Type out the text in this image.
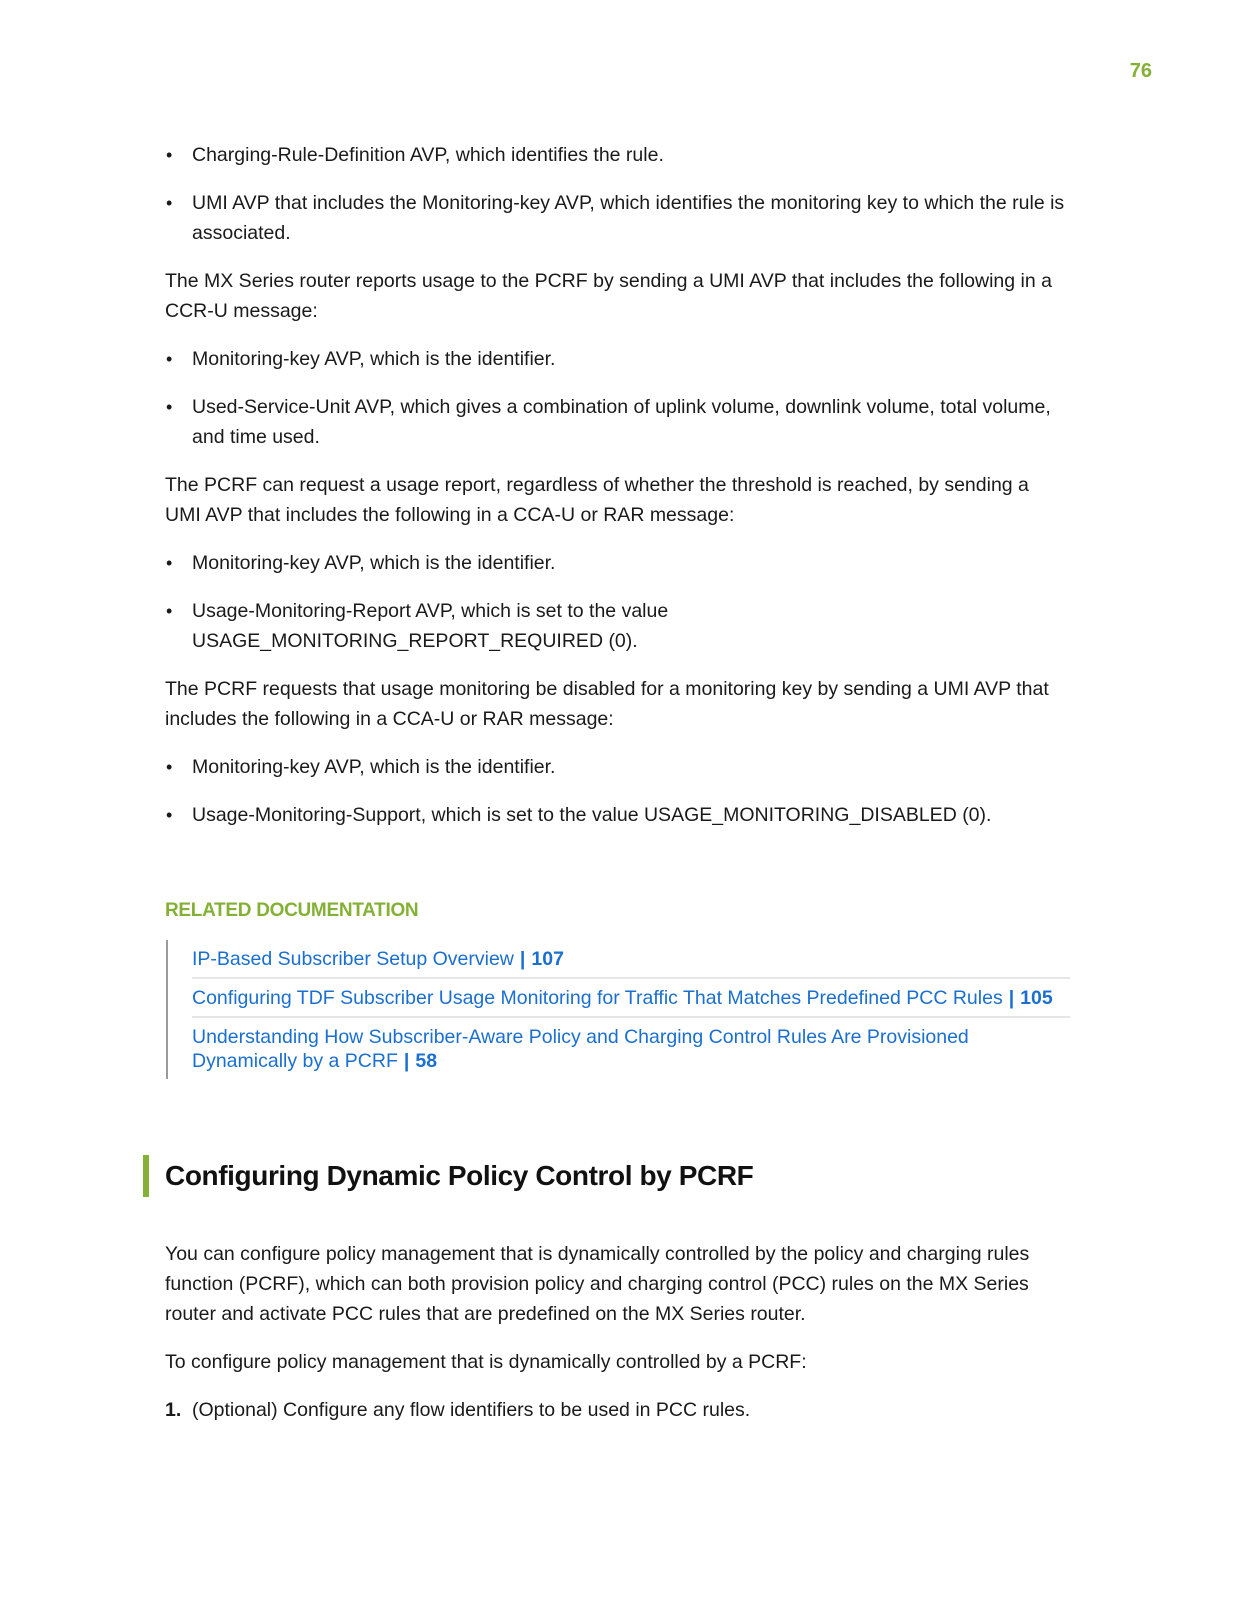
76
• Charging-Rule-Definition AVP, which identifies the rule.
• UMI AVP that includes the Monitoring-key AVP, which identifies the monitoring key to which the rule is associated.

The MX Series router reports usage to the PCRF by sending a UMI AVP that includes the following in a CCR-U message:

• Monitoring-key AVP, which is the identifier.
• Used-Service-Unit AVP, which gives a combination of uplink volume, downlink volume, total volume, and time used.

The PCRF can request a usage report, regardless of whether the threshold is reached, by sending a UMI AVP that includes the following in a CCA-U or RAR message:

• Monitoring-key AVP, which is the identifier.
• Usage-Monitoring-Report AVP, which is set to the value USAGE_MONITORING_REPORT_REQUIRED (0).

The PCRF requests that usage monitoring be disabled for a monitoring key by sending a UMI AVP that includes the following in a CCA-U or RAR message:

• Monitoring-key AVP, which is the identifier.
• Usage-Monitoring-Support, which is set to the value USAGE_MONITORING_DISABLED (0).
RELATED DOCUMENTATION
IP-Based Subscriber Setup Overview | 107
Configuring TDF Subscriber Usage Monitoring for Traffic That Matches Predefined PCC Rules | 105
Understanding How Subscriber-Aware Policy and Charging Control Rules Are Provisioned Dynamically by a PCRF | 58
Configuring Dynamic Policy Control by PCRF

You can configure policy management that is dynamically controlled by the policy and charging rules function (PCRF), which can both provision policy and charging control (PCC) rules on the MX Series router and activate PCC rules that are predefined on the MX Series router.

To configure policy management that is dynamically controlled by a PCRF:

1. (Optional) Configure any flow identifiers to be used in PCC rules.
